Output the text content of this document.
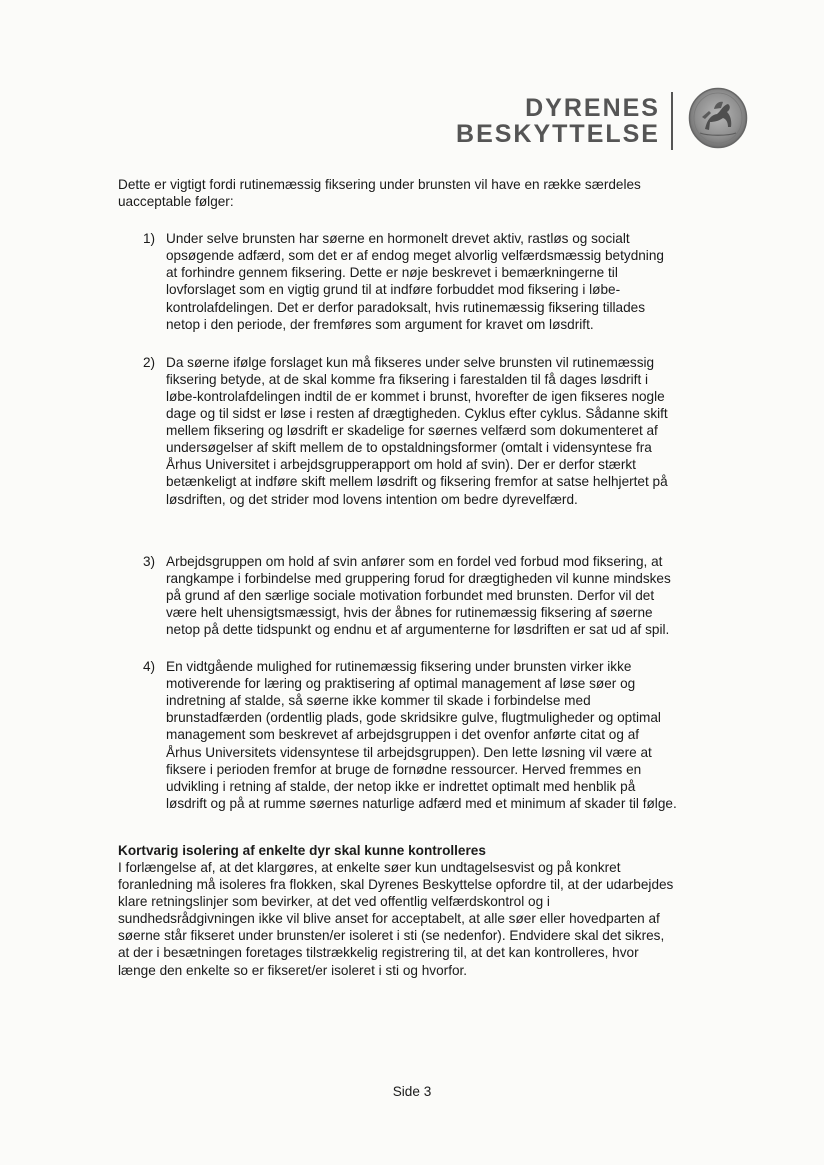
DYRENES
BESKYTTELSE

Dette er vigtigt fordi rutinemæssig fiksering under brunsten vil have en række særdeles uacceptable følger:

1) Under selve brunsten har søerne en hormonelt drevet aktiv, rastløs og socialt opsøgende adfærd, som det er af endog meget alvorlig velfærdsmæssig betydning at forhindre gennem fiksering. Dette er nøje beskrevet i bemærkningerne til lovforslaget som en vigtig grund til at indføre forbuddet mod fiksering i løbe-kontrolafdelingen. Det er derfor paradoksalt, hvis rutinemæssig fiksering tillades netop i den periode, der fremføres som argument for kravet om løsdrift.
2) Da søerne ifølge forslaget kun må fikseres under selve brunsten vil rutinemæssig fiksering betyde, at de skal komme fra fiksering i farestalden til få dages løsdrift i løbe-kontrolafdelingen indtil de er kommet i brunst, hvorefter de igen fikseres nogle dage og til sidst er løse i resten af drægtigheden. Cyklus efter cyklus. Sådanne skift mellem fiksering og løsdrift er skadelige for søernes velfærd som dokumenteret af undersøgelser af skift mellem de to opstaldningsformer (omtalt i vidensyntese fra Århus Universitet i arbejdsgrupperapport om hold af svin). Der er derfor stærkt betænkeligt at indføre skift mellem løsdrift og fiksering fremfor at satse helhjertet på løsdriften, og det strider mod lovens intention om bedre dyrevelfærd.
3) Arbejdsgruppen om hold af svin anfører som en fordel ved forbud mod fiksering, at rangkampe i forbindelse med gruppering forud for drægtigheden vil kunne mindskes på grund af den særlige sociale motivation forbundet med brunsten. Derfor vil det være helt uhensigtsmæssigt, hvis der åbnes for rutinemæssig fiksering af søerne netop på dette tidspunkt og endnu et af argumenterne for løsdriften er sat ud af spil.
4) En vidtgående mulighed for rutinemæssig fiksering under brunsten virker ikke motiverende for læring og praktisering af optimal management af løse søer og indretning af stalde, så søerne ikke kommer til skade i forbindelse med brunstadfærden (ordentlig plads, gode skridsikre gulve, flugtmuligheder og optimal management som beskrevet af arbejdsgruppen i det ovenfor anførte citat og af Århus Universitets vidensyntese til arbejdsgruppen). Den lette løsning vil være at fiksere i perioden fremfor at bruge de fornødne ressourcer. Herved fremmes en udvikling i retning af stalde, der netop ikke er indrettet optimalt med henblik på løsdrift og på at rumme søernes naturlige adfærd med et minimum af skader til følge.

Kortvarig isolering af enkelte dyr skal kunne kontrolleres

I forlængelse af, at det klargøres, at enkelte søer kun undtagelsesvist og på konkret foranledning må isoleres fra flokken, skal Dyrenes Beskyttelse opfordre til, at der udarbejdes klare retningslinjer som bevirker, at det ved offentlig velfærdskontrol og i sundhedsrådgivningen ikke vil blive anset for acceptabelt, at alle søer eller hovedparten af søerne står fikseret under brunsten/er isoleret i sti (se nedenfor). Endvidere skal det sikres, at der i besætningen foretages tilstrækkelig registrering til, at det kan kontrolleres, hvor længe den enkelte so er fikseret/er isoleret i sti og hvorfor.

Side 3
